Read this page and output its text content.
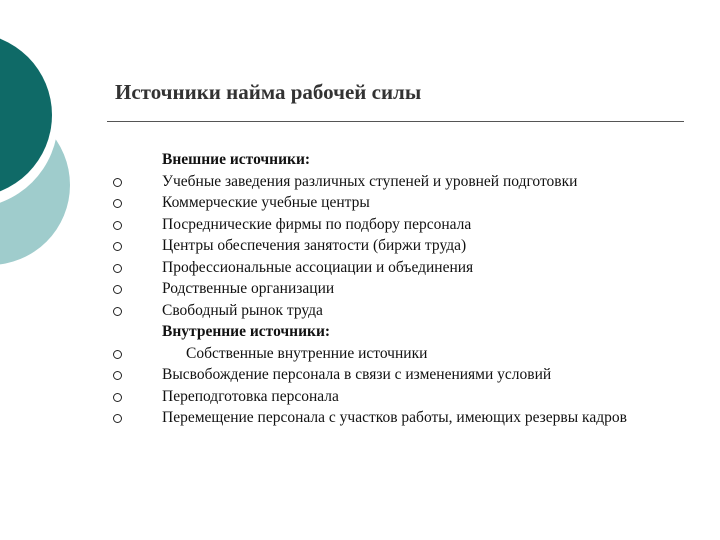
Источники найма рабочей силы
Внешние источники:
Учебные заведения различных ступеней и уровней подготовки
Коммерческие учебные центры
Посреднические фирмы по подбору персонала
Центры обеспечения занятости (биржи труда)
Профессиональные ассоциации и объединения
Родственные организации
Свободный рынок труда
Внутренние источники:
Собственные внутренние источники
Высвобождение персонала в связи с изменениями условий
Переподготовка персонала
Перемещение персонала с участков работы, имеющих резервы кадров
